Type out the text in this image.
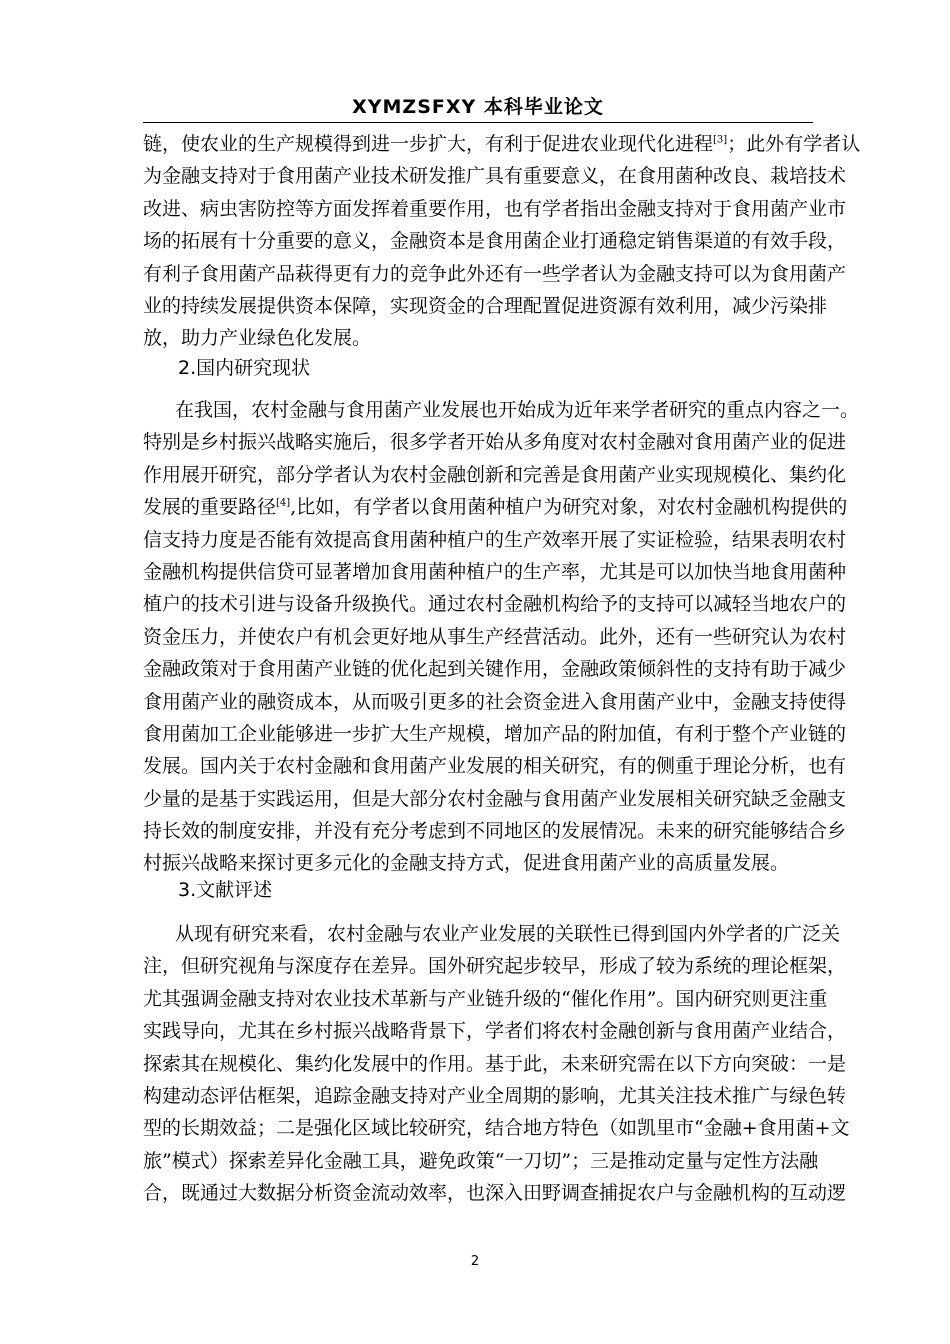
XYMZSFXY 本科毕业论文
链，使农业的生产规模得到进一步扩大，有利于促进农业现代化进程[3]；此外有学者认
为金融支持对于食用菌产业技术研发推广具有重要意义，在食用菌种改良、栽培技术
改进、病虫害防控等方面发挥着重要作用，也有学者指出金融支持对于食用菌产业市
场的拓展有十分重要的意义，金融资本是食用菌企业打通稳定销售渠道的有效手段，
有利子食用菌产品萩得更有力的竞争此外还有一些学者认为金融支持可以为食用菌产
业的持续发展提供资本保障，实现资金的合理配置促进资源有效利用，减少污染排
放，助力产业绿色化发展。
2.国内研究现状
在我国，农村金融与食用菌产业发展也开始成为近年来学者研究的重点内容之一。
特别是乡村振兴战略实施后，很多学者开始从多角度对农村金融对食用菌产业的促进
作用展开研究，部分学者认为农村金融创新和完善是食用菌产业实现规模化、集约化
发展的重要路径[4],比如，有学者以食用菌种植户为研究对象，对农村金融机构提供的
信支持力度是否能有效提高食用菌种植户的生产效率开展了实证检验，结果表明农村
金融机构提供信贷可显著增加食用菌种植户的生产率，尤其是可以加快当地食用菌种
植户的技术引进与设备升级换代。通过农村金融机构给予的支持可以减轻当地农户的
资金压力，并使农户有机会更好地从事生产经营活动。此外，还有一些研究认为农村
金融政策对于食用菌产业链的优化起到关键作用，金融政策倾斜性的支持有助于减少
食用菌产业的融资成本，从而吸引更多的社会资金进入食用菌产业中，金融支持使得
食用菌加工企业能够进一步扩大生产规模，增加产品的附加值，有利于整个产业链的
发展。国内关于农村金融和食用菌产业发展的相关研究，有的侧重于理论分析，也有
少量的是基于实践运用，但是大部分农村金融与食用菌产业发展相关研究缺乏金融支
持长效的制度安排，并没有充分考虑到不同地区的发展情况。未来的研究能够结合乡
村振兴战略来探讨更多元化的金融支持方式，促进食用菌产业的高质量发展。
3.文献评述
从现有研究来看，农村金融与农业产业发展的关联性已得到国内外学者的广泛关
注，但研究视角与深度存在差异。国外研究起步较早，形成了较为系统的理论框架，
尤其强调金融支持对农业技术革新与产业链升级的“催化作用”。国内研究则更注重
实践导向，尤其在乡村振兴战略背景下，学者们将农村金融创新与食用菌产业结合，
探索其在规模化、集约化发展中的作用。基于此，未来研究需在以下方向突破：一是
构建动态评估框架，追踪金融支持对产业全周期的影响，尤其关注技术推广与绿色转
型的长期效益；二是强化区域比较研究，结合地方特色（如凯里市“金融+食用菌+文
旅”模式）探索差异化金融工具，避免政策“一刀切”；三是推动定量与定性方法融
合，既通过大数据分析资金流动效率，也深入田野调查捕捉农户与金融机构的互动逻
2
